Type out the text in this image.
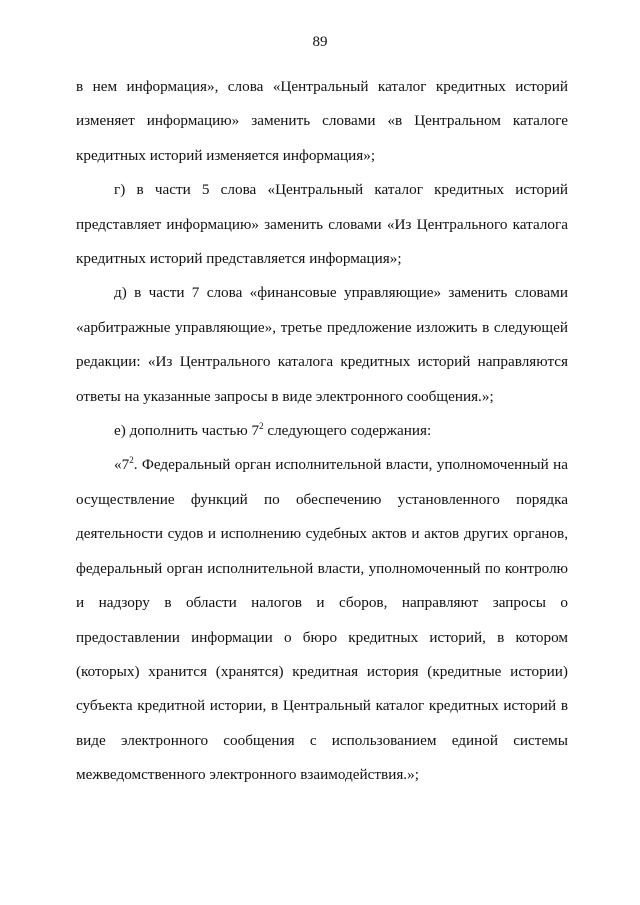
89

в нем информация», слова «Центральный каталог кредитных историй изменяет информацию» заменить словами «в Центральном каталоге кредитных историй изменяется информация»;

г) в части 5 слова «Центральный каталог кредитных историй представляет информацию» заменить словами «Из Центрального каталога кредитных историй представляется информация»;

д) в части 7 слова «финансовые управляющие» заменить словами «арбитражные управляющие», третье предложение изложить в следующей редакции: «Из Центрального каталога кредитных историй направляются ответы на указанные запросы в виде электронного сообщения.»;

е) дополнить частью $7^2$ следующего содержания:

«$7^2$. Федеральный орган исполнительной власти, уполномоченный на осуществление функций по обеспечению установленного порядка деятельности судов и исполнению судебных актов и актов других органов, федеральный орган исполнительной власти, уполномоченный по контролю и надзору в области налогов и сборов, направляют запросы о предоставлении информации о бюро кредитных историй, в котором (которых) хранится (хранятся) кредитная история (кредитные истории) субъекта кредитной истории, в Центральный каталог кредитных историй в виде электронного сообщения с использованием единой системы межведомственного электронного взаимодействия.»;
